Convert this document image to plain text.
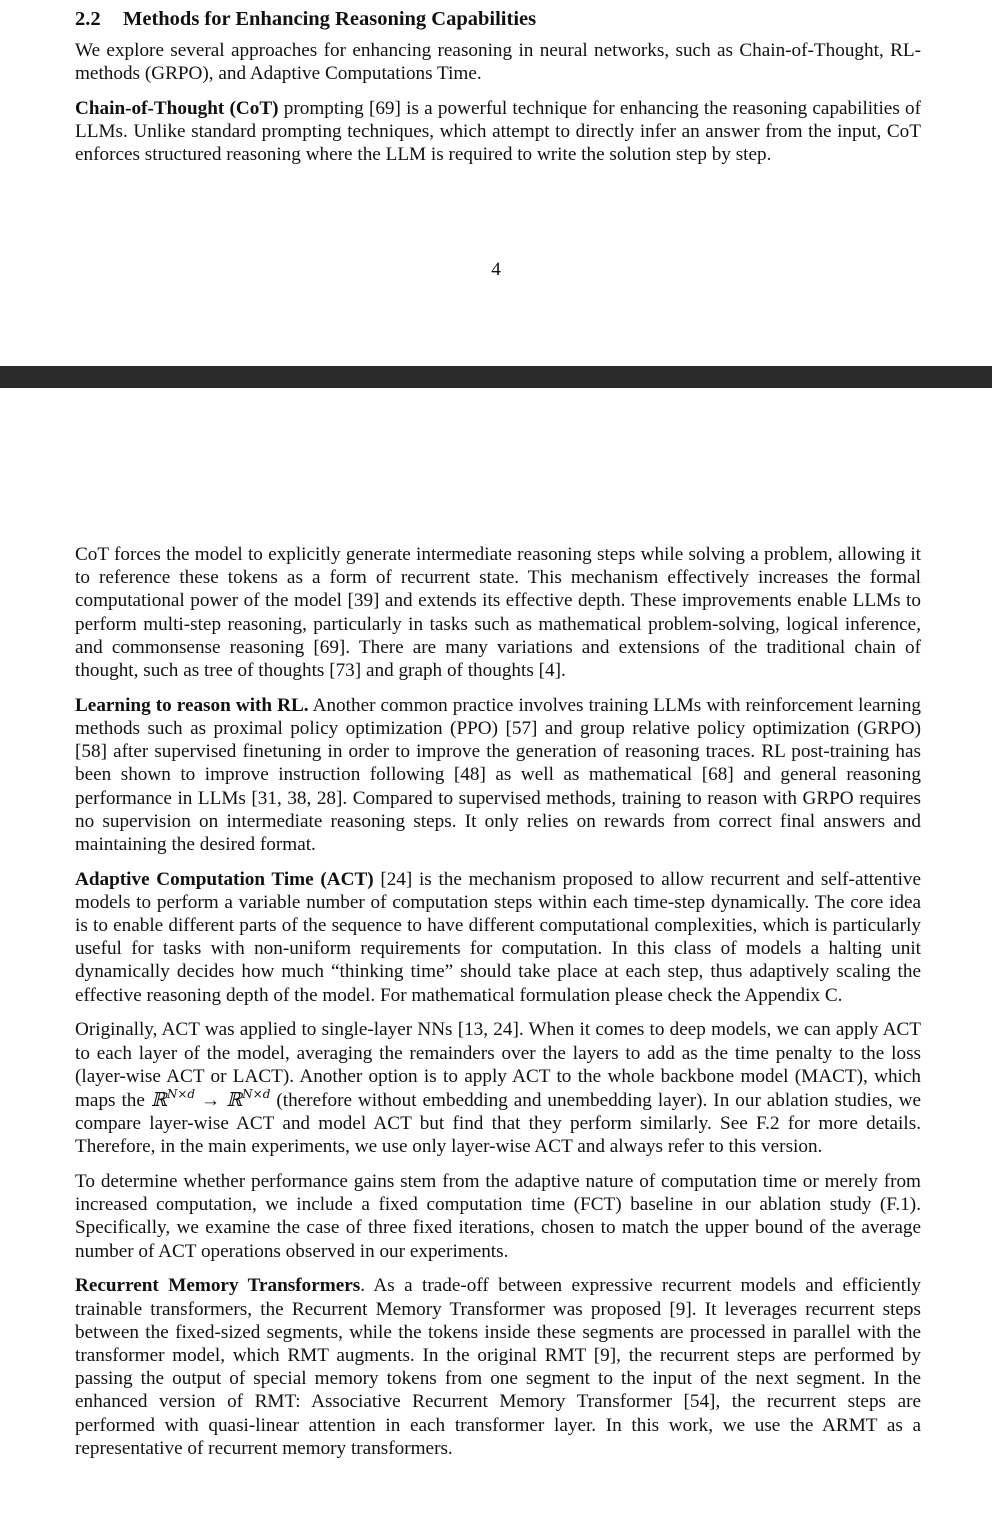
2.2 Methods for Enhancing Reasoning Capabilities

We explore several approaches for enhancing reasoning in neural networks, such as Chain-of-Thought, RL-methods (GRPO), and Adaptive Computations Time.

Chain-of-Thought (CoT) prompting [69] is a powerful technique for enhancing the reasoning capabilities of LLMs. Unlike standard prompting techniques, which attempt to directly infer an answer from the input, CoT enforces structured reasoning where the LLM is required to write the solution step by step.

4

CoT forces the model to explicitly generate intermediate reasoning steps while solving a problem, allowing it to reference these tokens as a form of recurrent state. This mechanism effectively increases the formal computational power of the model [39] and extends its effective depth. These improvements enable LLMs to perform multi-step reasoning, particularly in tasks such as mathematical problem-solving, logical inference, and commonsense reasoning [69]. There are many variations and extensions of the traditional chain of thought, such as tree of thoughts [73] and graph of thoughts [4].

Learning to reason with RL. Another common practice involves training LLMs with reinforcement learning methods such as proximal policy optimization (PPO) [57] and group relative policy optimization (GRPO) [58] after supervised finetuning in order to improve the generation of reasoning traces. RL post-training has been shown to improve instruction following [48] as well as mathematical [68] and general reasoning performance in LLMs [31, 38, 28]. Compared to supervised methods, training to reason with GRPO requires no supervision on intermediate reasoning steps. It only relies on rewards from correct final answers and maintaining the desired format.

Adaptive Computation Time (ACT) [24] is the mechanism proposed to allow recurrent and self-attentive models to perform a variable number of computation steps within each time-step dynamically. The core idea is to enable different parts of the sequence to have different computational complexities, which is particularly useful for tasks with non-uniform requirements for computation. In this class of models a halting unit dynamically decides how much “thinking time” should take place at each step, thus adaptively scaling the effective reasoning depth of the model. For mathematical formulation please check the Appendix C.

Originally, ACT was applied to single-layer NNs [13, 24]. When it comes to deep models, we can apply ACT to each layer of the model, averaging the remainders over the layers to add as the time penalty to the loss (layer-wise ACT or LACT). Another option is to apply ACT to the whole backbone model (MACT), which maps the ℝ$^{N\times d}$ → ℝ$^{N\times d}$ (therefore without embedding and unembedding layer). In our ablation studies, we compare layer-wise ACT and model ACT but find that they perform similarly. See F.2 for more details. Therefore, in the main experiments, we use only layer-wise ACT and always refer to this version.

To determine whether performance gains stem from the adaptive nature of computation time or merely from increased computation, we include a fixed computation time (FCT) baseline in our ablation study (F.1). Specifically, we examine the case of three fixed iterations, chosen to match the upper bound of the average number of ACT operations observed in our experiments.

Recurrent Memory Transformers. As a trade-off between expressive recurrent models and efficiently trainable transformers, the Recurrent Memory Transformer was proposed [9]. It leverages recurrent steps between the fixed-sized segments, while the tokens inside these segments are processed in parallel with the transformer model, which RMT augments. In the original RMT [9], the recurrent steps are performed by passing the output of special memory tokens from one segment to the input of the next segment. In the enhanced version of RMT: Associative Recurrent Memory Transformer [54], the recurrent steps are performed with quasi-linear attention in each transformer layer. In this work, we use the ARMT as a representative of recurrent memory transformers.
